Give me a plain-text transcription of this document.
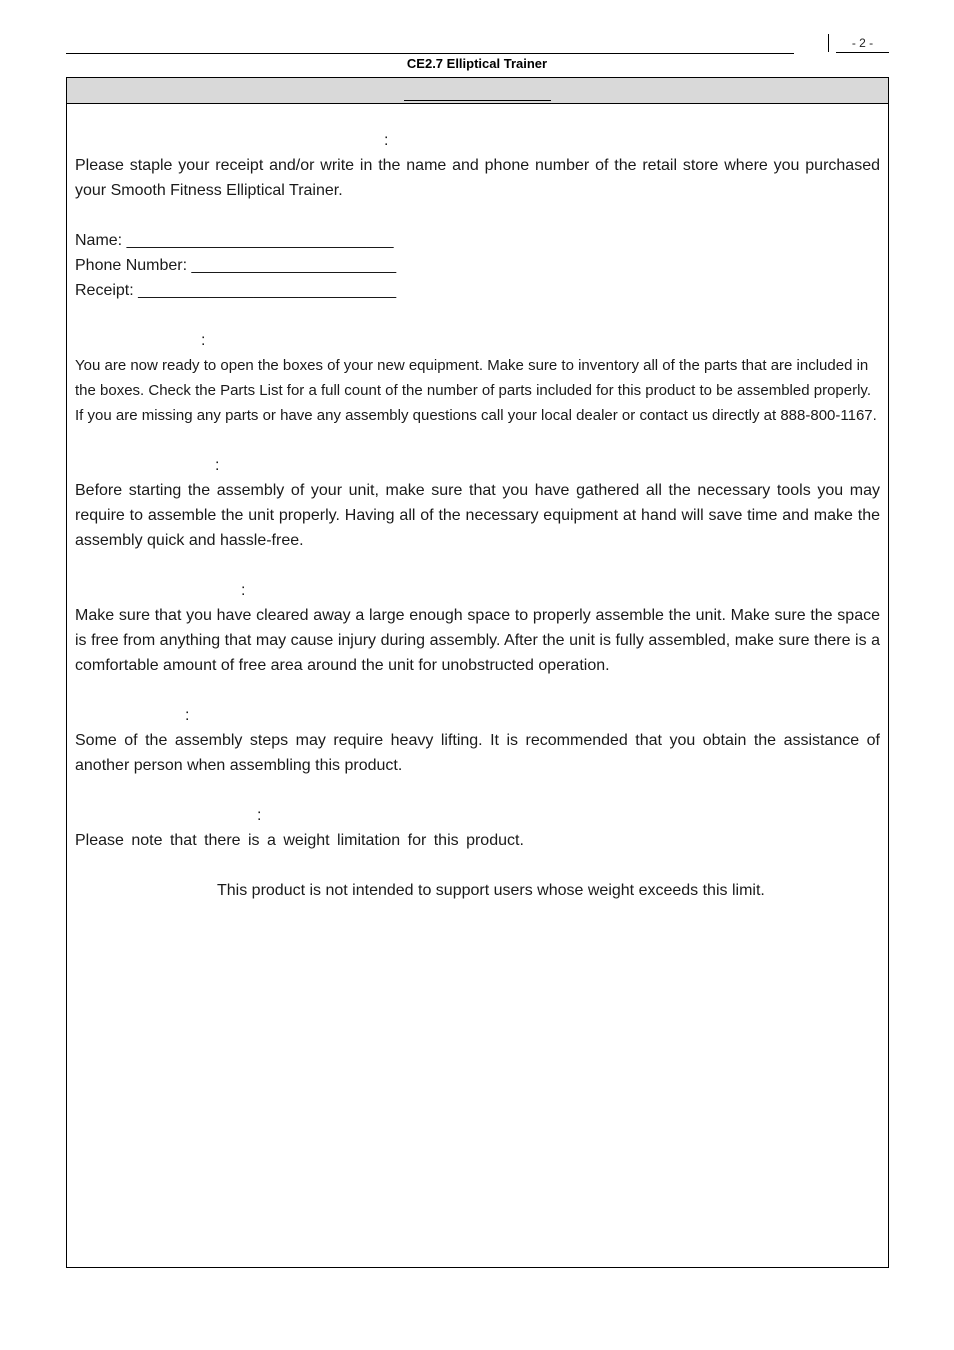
- 2 -
CE2.7 Elliptical Trainer
:

Please staple your receipt and/or write in the name and phone number of the retail store where you purchased your Smooth Fitness Elliptical Trainer.

Name: ______________________________

Phone Number: _______________________

Receipt: _____________________________

:

You are now ready to open the boxes of your new equipment. Make sure to inventory all of the parts that are included in the boxes. Check the Parts List for a full count of the number of parts included for this product to be assembled properly. If you are missing any parts or have any assembly questions call your local dealer or contact us directly at 888-800-1167.

:

Before starting the assembly of your unit, make sure that you have gathered all the necessary tools you may require to assemble the unit properly. Having all of the necessary equipment at hand will save time and make the assembly quick and hassle-free.

:

Make sure that you have cleared away a large enough space to properly assemble the unit. Make sure the space is free from anything that may cause injury during assembly. After the unit is fully assembled, make sure there is a comfortable amount of free area around the unit for unobstructed operation.

:

Some of the assembly steps may require heavy lifting. It is recommended that you obtain the assistance of another person when assembling this product.

:

Please note that there is a weight limitation for this product.

This product is not intended to support users whose weight exceeds this limit.
